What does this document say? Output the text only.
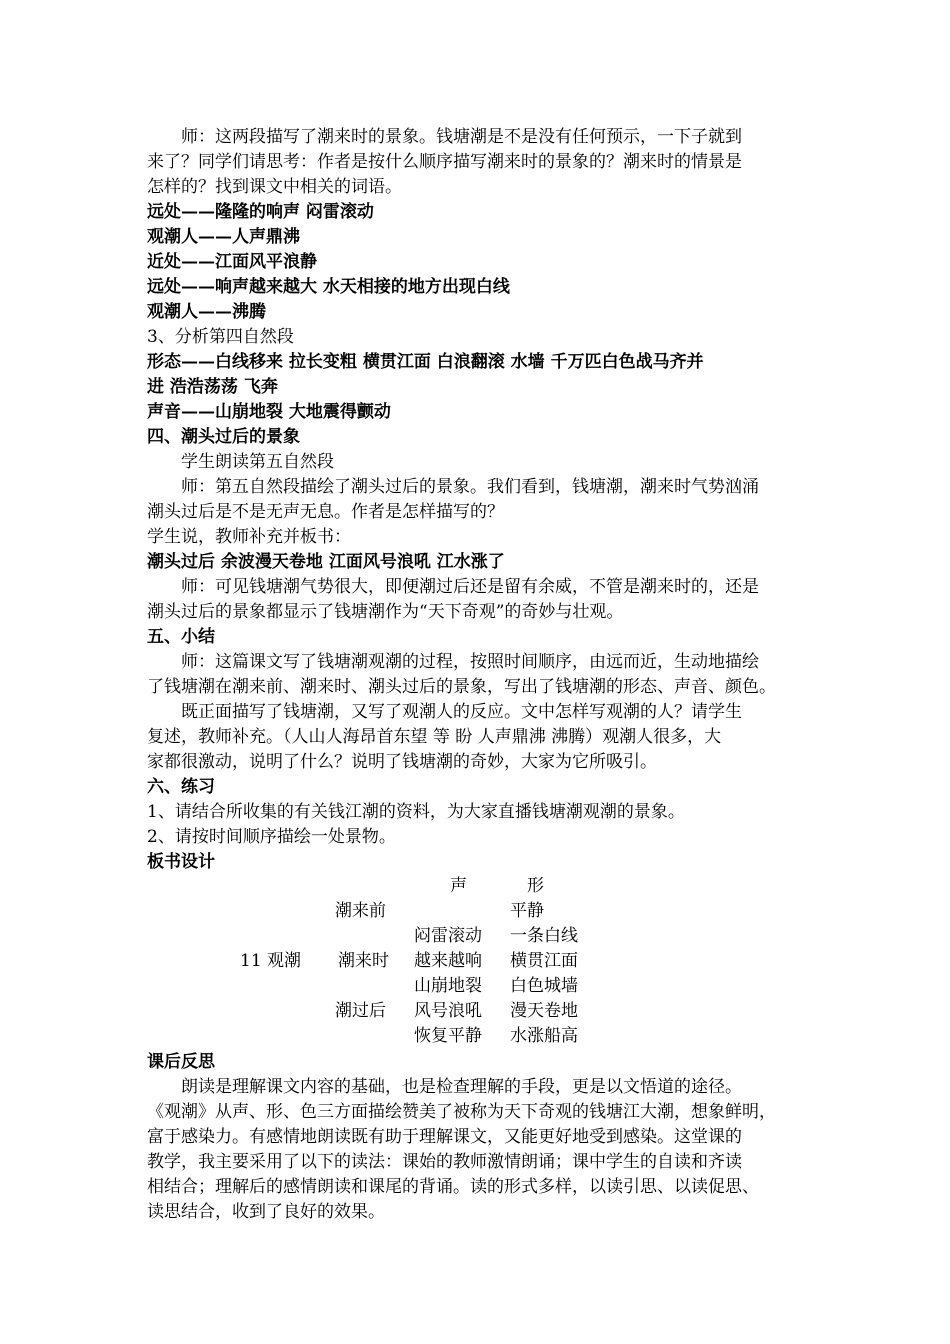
　　师：这两段描写了潮来时的景象。钱塘潮是不是没有任何预示，一下子就到
来了？同学们请思考：作者是按什么顺序描写潮来时的景象的？潮来时的情景是
怎样的？找到课文中相关的词语。
远处——隆隆的响声 闷雷滚动
观潮人——人声鼎沸
近处——江面风平浪静
远处——响声越来越大 水天相接的地方出现白线
观潮人——沸腾
3、分析第四自然段
形态——白线移来 拉长变粗 横贯江面 白浪翻滚 水墙 千万匹白色战马齐并
进 浩浩荡荡 飞奔
声音——山崩地裂 大地震得颤动
四、潮头过后的景象
　　学生朗读第五自然段
　　师：第五自然段描绘了潮头过后的景象。我们看到，钱塘潮，潮来时气势汹涌
潮头过后是不是无声无息。作者是怎样描写的？
学生说，教师补充并板书：
潮头过后 余波漫天卷地 江面风号浪吼 江水涨了
　　师：可见钱塘潮气势很大，即便潮过后还是留有余威，不管是潮来时的，还是
潮头过后的景象都显示了钱塘潮作为“天下奇观”的奇妙与壮观。
五、小结
　　师：这篇课文写了钱塘潮观潮的过程，按照时间顺序，由远而近，生动地描绘
了钱塘潮在潮来前、潮来时、潮头过后的景象，写出了钱塘潮的形态、声音、颜色。
　　既正面描写了钱塘潮，又写了观潮人的反应。文中怎样写观潮的人？请学生
复述，教师补充。（人山人海昂首东望 等 盼 人声鼎沸 沸腾）观潮人很多，大
家都很激动，说明了什么？说明了钱塘潮的奇妙，大家为它所吸引。
六、练习
1、请结合所收集的有关钱江潮的资料，为大家直播钱塘潮观潮的景象。
2、请按时间顺序描绘一处景物。
板书设计
声	形
潮来前	平静
闷雷滚动 一条白线
11 观潮 潮来时 越来越响 横贯江面
山崩地裂 白色城墙
潮过后 风号浪吼 漫天卷地
恢复平静 水涨船高
课后反思
　　朗读是理解课文内容的基础，也是检查理解的手段，更是以文悟道的途径。
《观潮》从声、形、色三方面描绘赞美了被称为天下奇观的钱塘江大潮，想象鲜明，
富于感染力。有感情地朗读既有助于理解课文，又能更好地受到感染。这堂课的
教学，我主要采用了以下的读法：课始的教师激情朗诵；课中学生的自读和齐读
相结合；理解后的感情朗读和课尾的背诵。读的形式多样，以读引思、以读促思、
读思结合，收到了良好的效果。
